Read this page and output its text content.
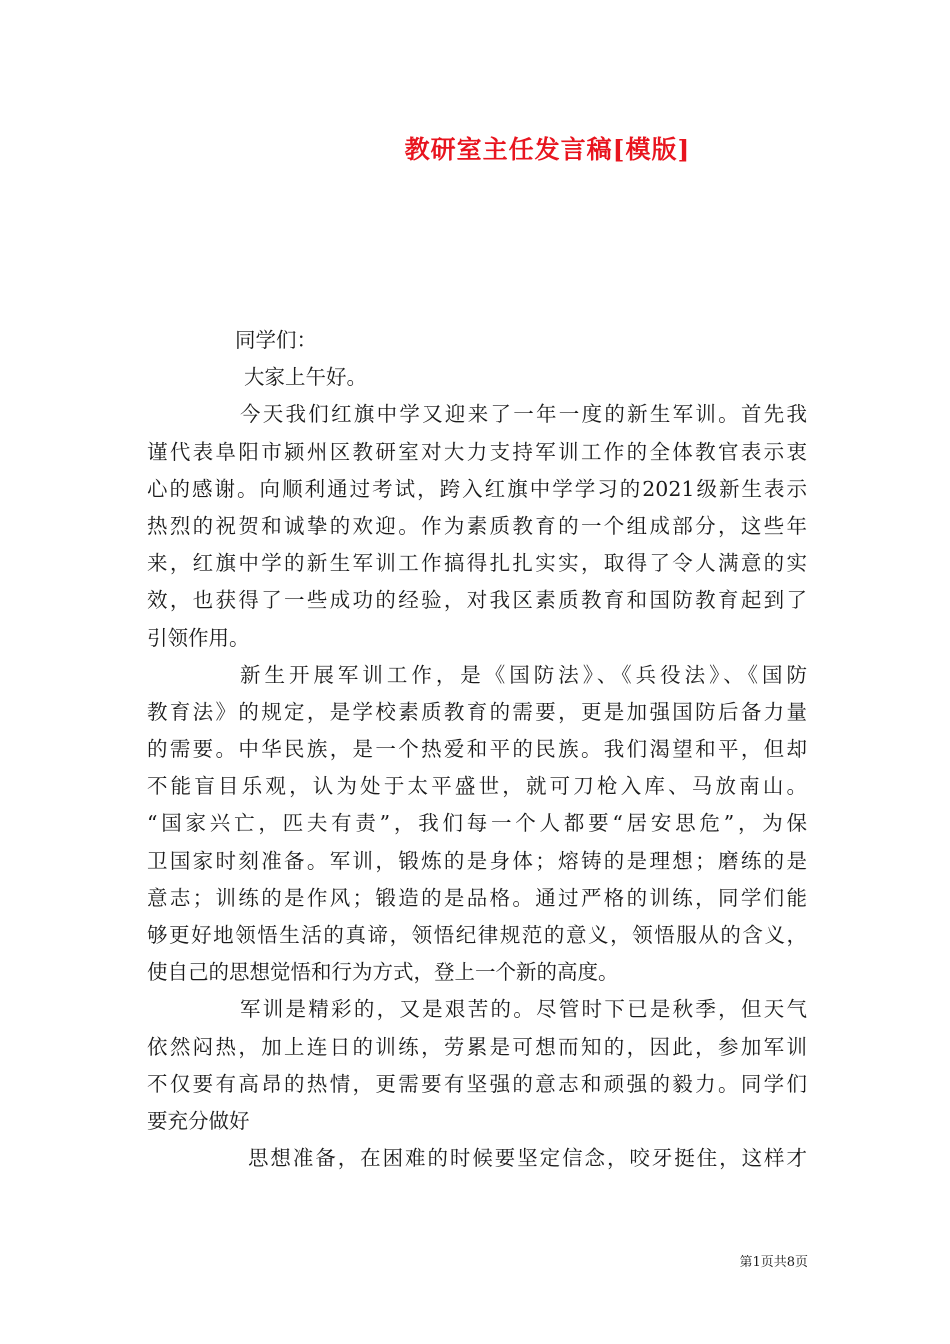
教研室主任发言稿[模版]
同学们：
大家上午好。
今天我们红旗中学又迎来了一年一度的新生军训。首先我
谨代表阜阳市颍州区教研室对大力支持军训工作的全体教官表示衷
心的感谢。向顺利通过考试，跨入红旗中学学习的2021级新生表示
热烈的祝贺和诚挚的欢迎。作为素质教育的一个组成部分，这些年
来，红旗中学的新生军训工作搞得扎扎实实，取得了令人满意的实
效，也获得了一些成功的经验，对我区素质教育和国防教育起到了
引领作用。
新生开展军训工作，是《国防法》、《兵役法》、《国防
教育法》的规定，是学校素质教育的需要，更是加强国防后备力量
的需要。中华民族，是一个热爱和平的民族。我们渴望和平，但却
不能盲目乐观，认为处于太平盛世，就可刀枪入库、马放南山。
“国家兴亡，匹夫有责”，我们每一个人都要“居安思危”，为保
卫国家时刻准备。军训，锻炼的是身体；熔铸的是理想；磨练的是
意志；训练的是作风；锻造的是品格。通过严格的训练，同学们能
够更好地领悟生活的真谛，领悟纪律规范的意义，领悟服从的含义，
使自己的思想觉悟和行为方式，登上一个新的高度。
军训是精彩的，又是艰苦的。尽管时下已是秋季，但天气
依然闷热，加上连日的训练，劳累是可想而知的，因此，参加军训
不仅要有高昂的热情，更需要有坚强的意志和顽强的毅力。同学们
要充分做好
思想准备，在困难的时候要坚定信念，咬牙挺住，这样才
第1页共8页
